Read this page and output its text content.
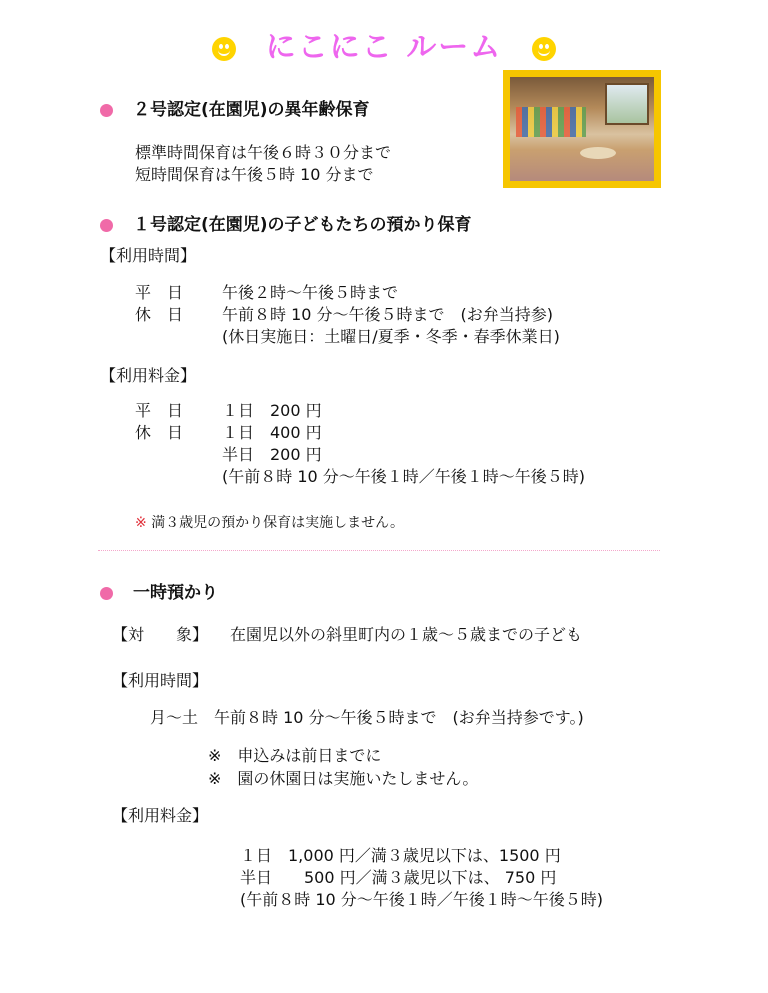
にこにこ ルーム
２号認定(在園児)の異年齢保育
標準時間保育は午後６時３０分まで
短時間保育は午後５時 10 分まで
１号認定(在園児)の子どもたちの預かり保育
【利用時間】
平　日 午後２時～午後５時まで
休　日 午前８時 10 分～午後５時まで　(お弁当持参)
(休日実施日：土曜日/夏季・冬季・春季休業日)
【利用料金】
平　日 １日　200 円
休　日 １日　400 円
半日　200 円
(午前８時 10 分～午後１時／午後１時～午後５時)
※ 満３歳児の預かり保育は実施しません。
一時預かり
【対　　象】 在園児以外の斜里町内の１歳～５歳までの子ども
【利用時間】
月～土　午前８時 10 分～午後５時まで　(お弁当持参です。)
※　申込みは前日までに
※　園の休園日は実施いたしません。
【利用料金】
１日　1,000 円／満３歳児以下は、1500 円
半日　　500 円／満３歳児以下は、 750 円
(午前８時 10 分～午後１時／午後１時～午後５時)
